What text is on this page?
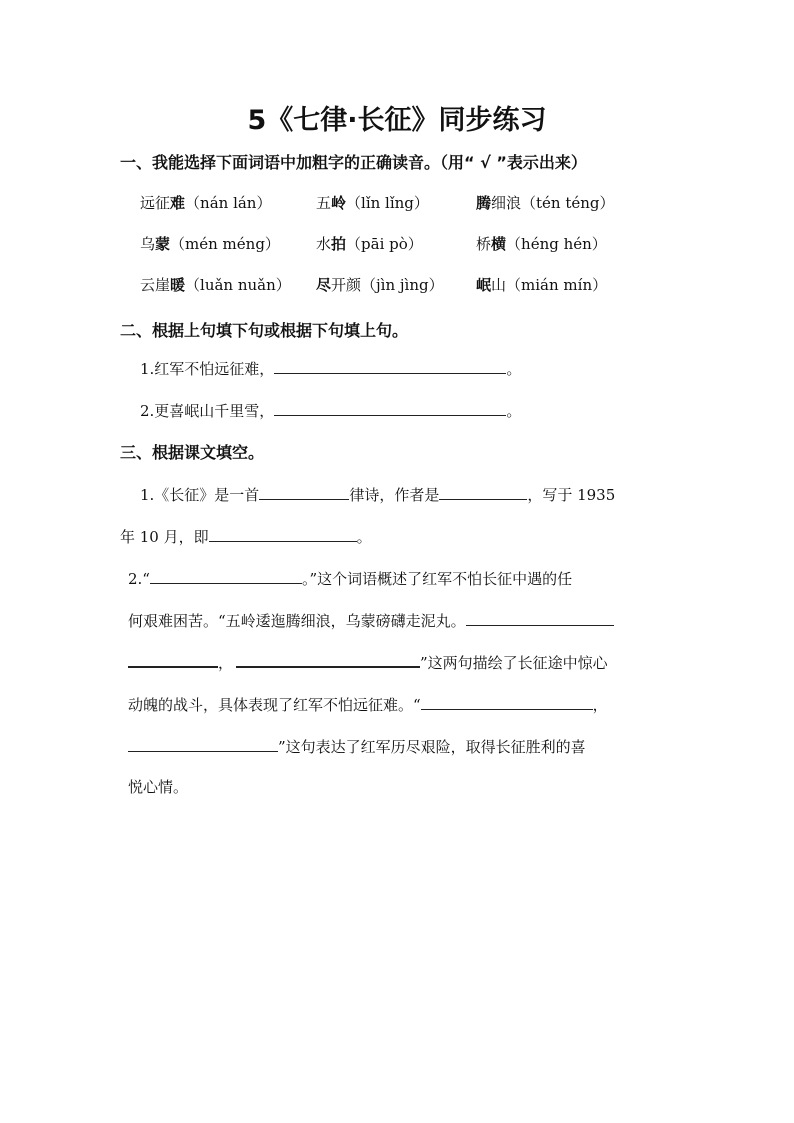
5《七律·长征》同步练习
一、我能选择下面词语中加粗字的正确读音。（用“ √ ”表示出来）
远征难（nán lán）	五岭（lǐn lǐng）	腾细浪（tén téng）
乌蒙（mén méng） 水拍（pāi pò）	桥横（héng hén）
云崖暖（luǎn nuǎn） 尽开颜（jìn jìng） 岷山（mián mín）
二、根据上句填下句或根据下句填上句。
1.红军不怕远征难，	。
2.更喜岷山千里雪，	。
三、根据课文填空。
1.《长征》是一首	律诗，作者是	，写于 1935
年 10 月，即	。
2.“	。”这个词语概述了红军不怕长征中遇的任
何艰难困苦。“五岭逶迤腾细浪，乌蒙磅礴走泥丸。
，	”这两句描绘了长征途中惊心
动魄的战斗，具体表现了红军不怕远征难。“	，
”这句表达了红军历尽艰险，取得长征胜利的喜
悦心情。
